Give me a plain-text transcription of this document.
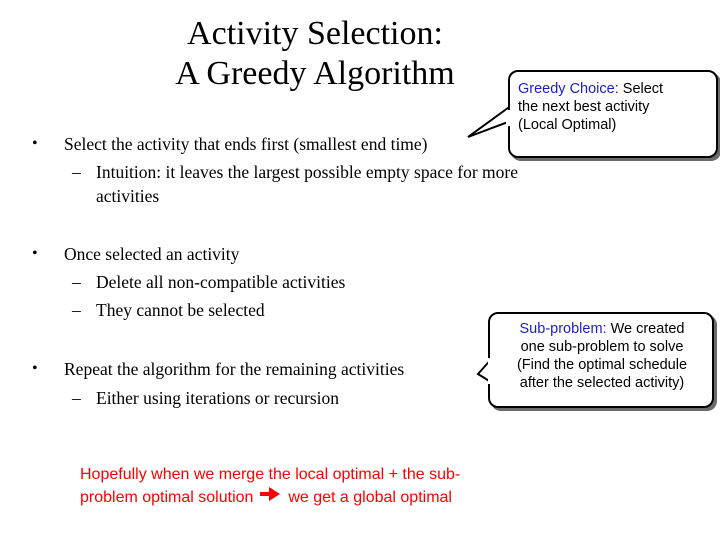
Activity Selection:
A Greedy Algorithm
• Select the activity that ends first (smallest end time)
– Intuition: it leaves the largest possible empty space for more
activities
• Once selected an activity
– Delete all non-compatible activities
– They cannot be selected
• Repeat the algorithm for the remaining activities
– Either using iterations or recursion
Greedy Choice: Select
the next best activity
(Local Optimal)
Sub-problem: We created
one sub-problem to solve
(Find the optimal schedule
after the selected activity)
Hopefully when we merge the local optimal + the sub-
problem optimal solution  we get a global optimal
